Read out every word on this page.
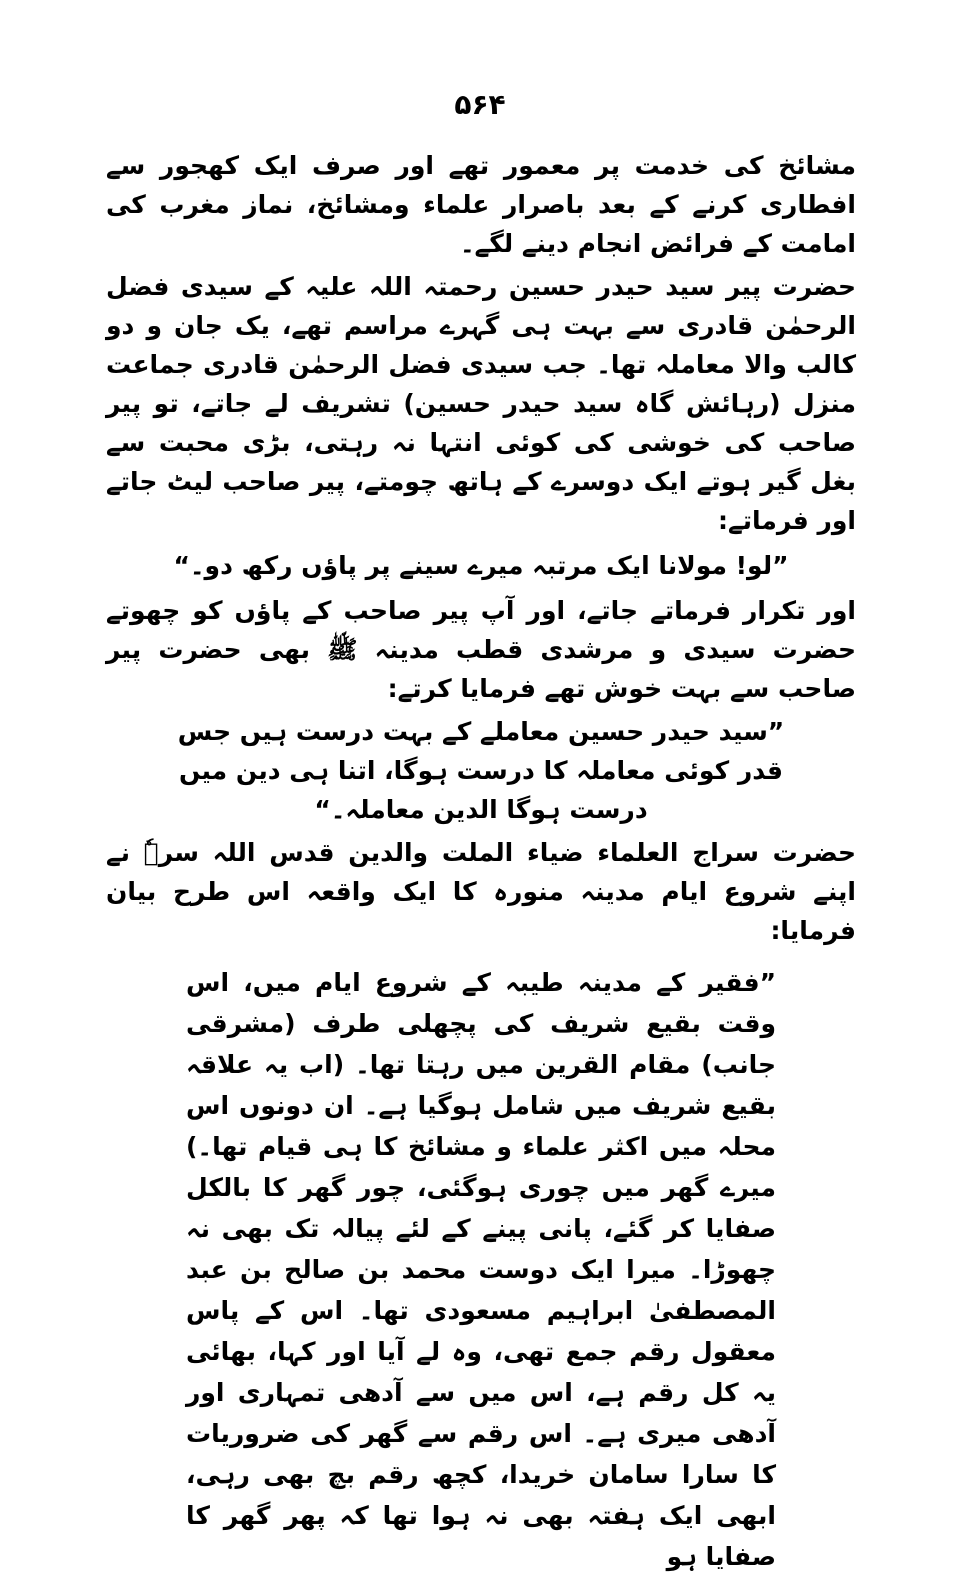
۵۶۴

مشائخ کی خدمت پر معمور تھے اور صرف ایک کھجور سے افطاری کرنے کے بعد باصرار علماء ومشائخ، نماز مغرب کی امامت کے فرائض انجام دینے لگے۔

حضرت پیر سید حیدر حسین رحمتہ اللہ علیہ کے سیدی فضل الرحمٰن قادری سے بہت ہی گہرے مراسم تھے، یک جان و دو کالب والا معاملہ تھا۔ جب سیدی فضل الرحمٰن قادری جماعت منزل (رہائش گاہ سید حیدر حسین) تشریف لے جاتے، تو پیر صاحب کی خوشی کی کوئی انتہا نہ رہتی، بڑی محبت سے بغل گیر ہوتے ایک دوسرے کے ہاتھ چومتے، پیر صاحب لیٹ جاتے اور فرماتے:

”لو! مولانا ایک مرتبہ میرے سینے پر پاؤں رکھ دو۔“

اور تکرار فرماتے جاتے، اور آپ پیر صاحب کے پاؤں کو چھوتے حضرت سیدی و مرشدی قطب مدینہ ﷺ بھی حضرت پیر صاحب سے بہت خوش تھے فرمایا کرتے:

”سید حیدر حسین معاملے کے بہت درست ہیں جس قدر کوئی معاملہ کا درست ہوگا، اتنا ہی دین میں درست ہوگا الدین معاملہ۔“

حضرت سراج العلماء ضیاء الملت والدین قدس اللہ سرہٗ نے اپنے شروع ایام مدینہ منورہ کا ایک واقعہ اس طرح بیان فرمایا:

”فقیر کے مدینہ طیبہ کے شروع ایام میں، اس وقت بقیع شریف کی پچھلی طرف (مشرقی جانب) مقام القرین میں رہتا تھا۔ (اب یہ علاقہ بقیع شریف میں شامل ہوگیا ہے۔ ان دونوں اس محلہ میں اکثر علماء و مشائخ کا ہی قیام تھا۔) میرے گھر میں چوری ہوگئی، چور گھر کا بالکل صفایا کر گئے، پانی پینے کے لئے پیالہ تک بھی نہ چھوڑا۔ میرا ایک دوست محمد بن صالح بن عبد المصطفیٰ ابراہیم مسعودی تھا۔ اس کے پاس معقول رقم جمع تھی، وہ لے آیا اور کہا، بھائی یہ کل رقم ہے، اس میں سے آدھی تمہاری اور آدھی میری ہے۔ اس رقم سے گھر کی ضروریات کا سارا سامان خریدا، کچھ رقم بچ بھی رہی، ابھی ایک ہفتہ بھی نہ ہوا تھا کہ پھر گھر کا صفایا ہو
